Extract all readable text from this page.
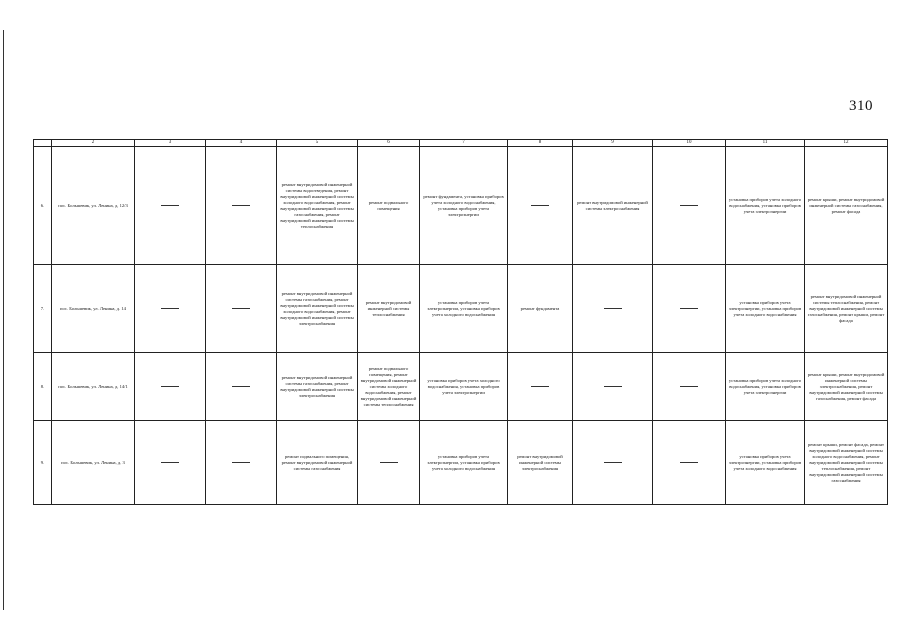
310
	2	3	4	5	6	7	8	9	10	11	12
6.	пос. Большевик, ул. Ленина, д. 12/3			ремонт внутридомовой инженерной системы водоотведения, ремонт внутридомовой инженерной системы холодного водоснабжения, ремонт внутридомовой инженерной системы газоснабжения, ремонт внутридомовой инженерной системы теплоснабжения	ремонт подвального помещения	ремонт фундамента, установка приборов учета холодного водоснабжения, установка приборов учета электроэнергии		ремонт внутридомовой инженерной системы электроснабжения		установка приборов учета холодного водоснабжения, установка приборов учета электроэнергии	ремонт крыши, ремонт внутридомовой инженерной системы газоснабжения, ремонт фасада
7.	пос. Большевик, ул. Ленина, д. 14			ремонт внутридомовой инженерной системы газоснабжения, ремонт внутридомовой инженерной системы холодного водоснабжения, ремонт внутридомовой инженерной системы электроснабжения	ремонт внутридомовой инженерной системы теплоснабжения	установка приборов учета электроэнергии, установка приборов учета холодного водоснабжения	ремонт фундамента			установка приборов учета электроэнергии, установка приборов учета холодного водоснабжения	ремонт внутридомовой инженерной системы теплоснабжения, ремонт внутридомовой инженерной системы газоснабжения, ремонт крыши, ремонт фасада
8.	пос. Большевик, ул. Ленина, д. 14/1			ремонт внутридомовой инженерной системы газоснабжения, ремонт внутридомовой инженерной системы электроснабжения	ремонт подвального помещения, ремонт внутридомовой инженерной системы холодного водоснабжения, ремонт внутридомовой инженерной системы теплоснабжения	установка приборов учета холодного водоснабжения, установка приборов учета электроэнергии				установка приборов учета холодного водоснабжения, установка приборов учета электроэнергии	ремонт крыши, ремонт внутридомовой инженерной системы электроснабжения, ремонт внутридомовой инженерной системы газоснабжения, ремонт фасада
9.	пос. Большевик, ул. Ленина, д. 3			ремонт подвального помещения, ремонт внутридомовой инженерной системы газоснабжения		установка приборов учета электроэнергии, установка приборов учета холодного водоснабжения	ремонт внутридомовой инженерной системы электроснабжения			установка приборов учета электроэнергии, установка приборов учета холодного водоснабжения	ремонт крыши, ремонт фасада, ремонт внутридомовой инженерной системы холодного водоснабжения, ремонт внутридомовой инженерной системы теплоснабжения, ремонт внутридомовой инженерной системы газоснабжения
